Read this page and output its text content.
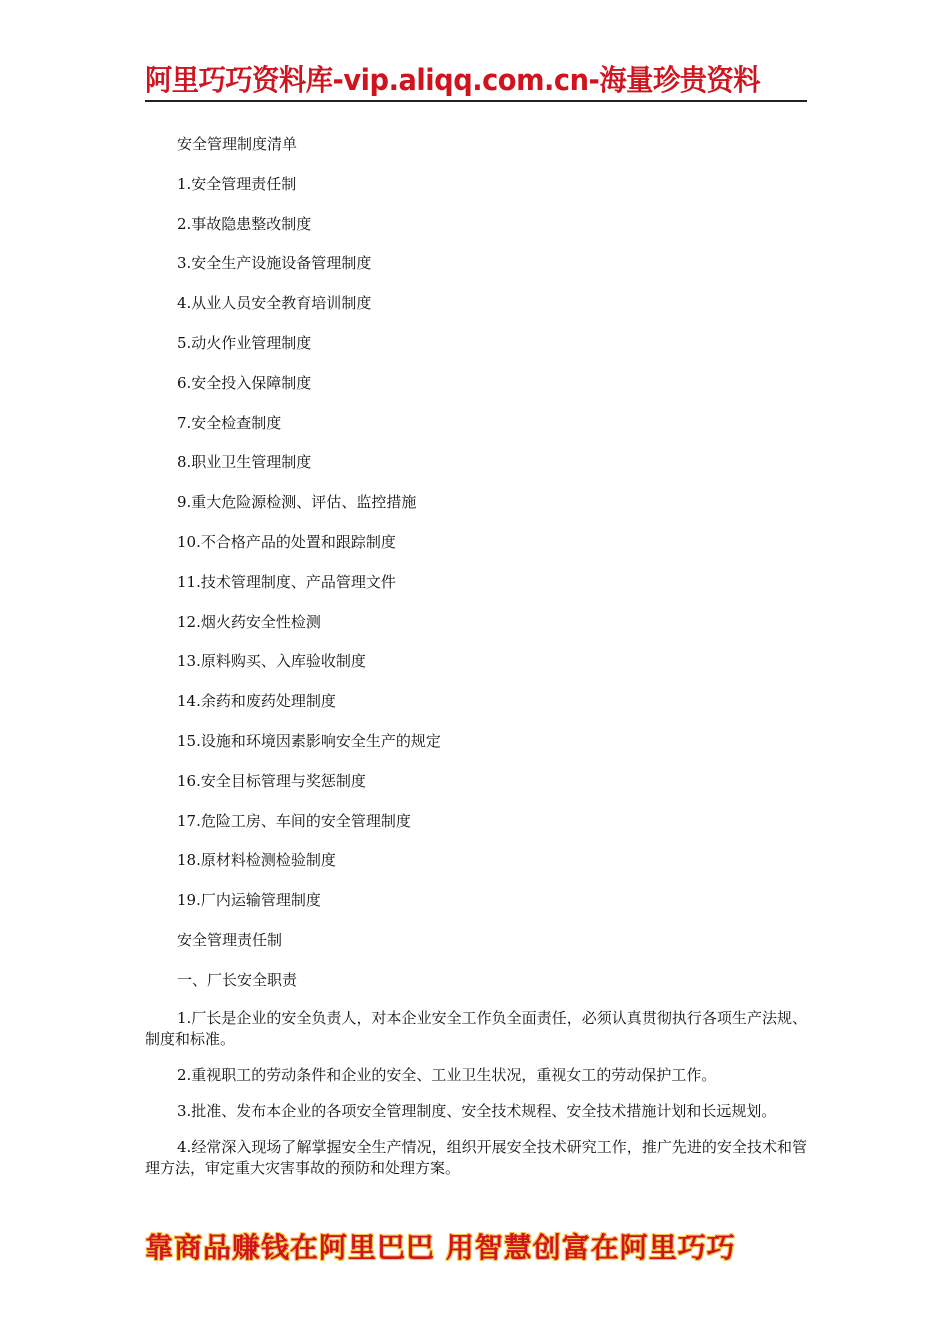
阿里巧巧资料库-vip.aliqq.com.cn-海量珍贵资料
安全管理制度清单
1.安全管理责任制
2.事故隐患整改制度
3.安全生产设施设备管理制度
4.从业人员安全教育培训制度
5.动火作业管理制度
6.安全投入保障制度
7.安全检查制度
8.职业卫生管理制度
9.重大危险源检测、评估、监控措施
10.不合格产品的处置和跟踪制度
11.技术管理制度、产品管理文件
12.烟火药安全性检测
13.原料购买、入库验收制度
14.余药和废药处理制度
15.设施和环境因素影响安全生产的规定
16.安全目标管理与奖惩制度
17.危险工房、车间的安全管理制度
18.原材料检测检验制度
19.厂内运输管理制度
安全管理责任制
一、厂长安全职责
1.厂长是企业的安全负责人，对本企业安全工作负全面责任，必须认真贯彻执行各项生产法规、制度和标准。
2.重视职工的劳动条件和企业的安全、工业卫生状况，重视女工的劳动保护工作。
3.批准、发布本企业的各项安全管理制度、安全技术规程、安全技术措施计划和长远规划。
4.经常深入现场了解掌握安全生产情况，组织开展安全技术研究工作，推广先进的安全技术和管理方法，审定重大灾害事故的预防和处理方案。
靠商品赚钱在阿里巴巴 用智慧创富在阿里巧巧
